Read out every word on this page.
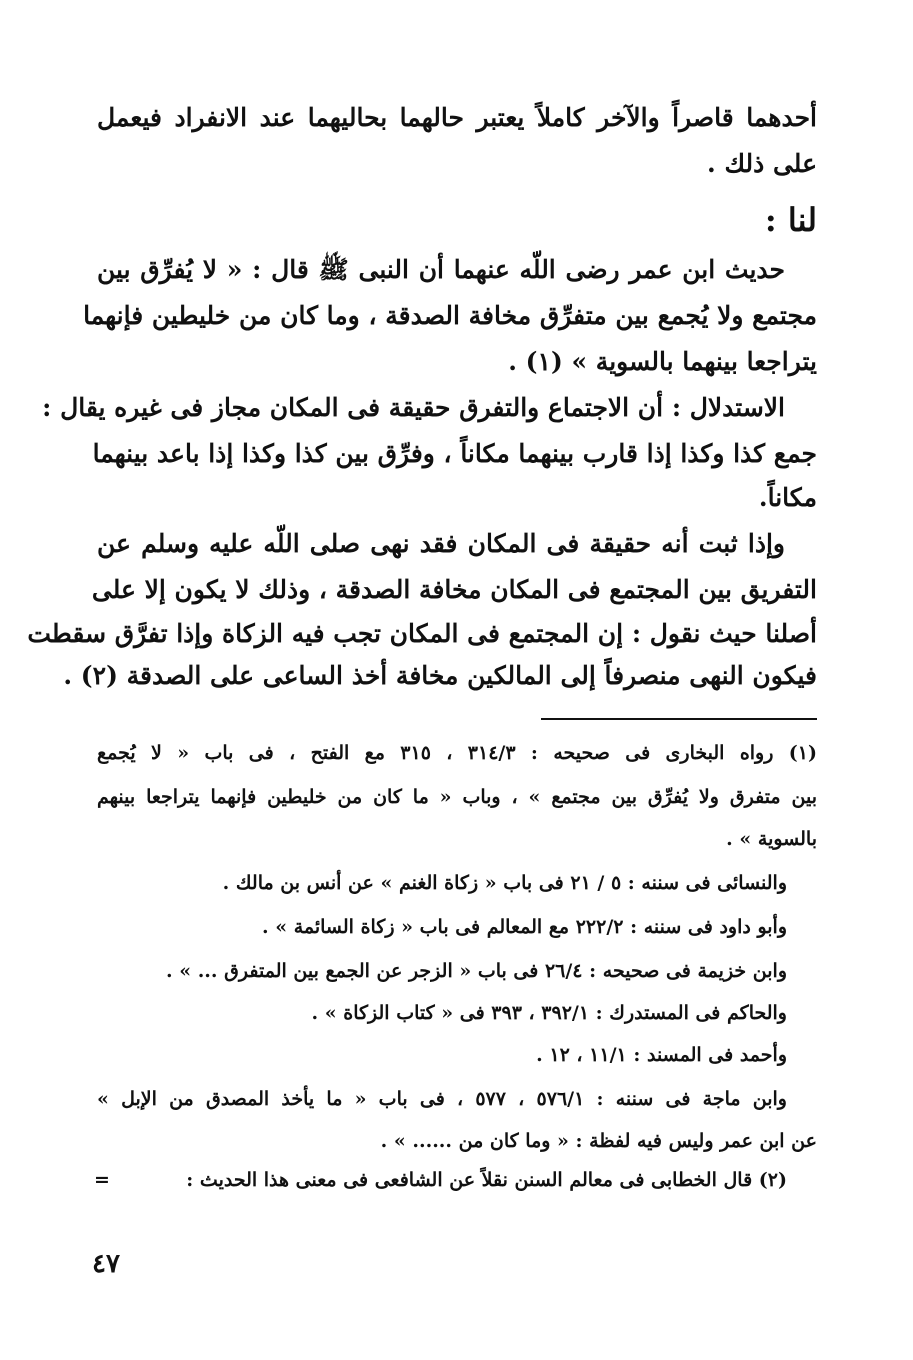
أحدهما قاصراً والآخر كاملاً يعتبر حالهما بحاليهما عند الانفراد فيعمل
على ذلك .
لنا :
حديث ابن عمر رضى اللّه عنهما أن النبى ﷺ قال : « لا يُفرِّق بين
مجتمع ولا يُجمع بين متفرِّق مخافة الصدقة ، وما كان من خليطين فإنهما
يتراجعا بينهما بالسوية » (١) .
الاستدلال : أن الاجتماع والتفرق حقيقة فى المكان مجاز فى غيره يقال :
جمع كذا وكذا إذا قارب بينهما مكاناً ، وفرِّق بين كذا وكذا إذا باعد بينهما
مكاناً.
وإذا ثبت أنه حقيقة فى المكان فقد نهى صلى اللّه عليه وسلم عن
التفريق بين المجتمع فى المكان مخافة الصدقة ، وذلك لا يكون إلا على
أصلنا حيث نقول : إن المجتمع فى المكان تجب فيه الزكاة وإذا تفرَّق سقطت
فيكون النهى منصرفاً إلى المالكين مخافة أخذ الساعى على الصدقة (٢) .
(١) رواه البخارى فى صحيحه : ٣١٤/٣ ، ٣١٥ مع الفتح ، فى باب « لا يُجمع
بين متفرق ولا يُفرِّق بين مجتمع » ، وباب « ما كان من خليطين فإنهما يتراجعا بينهم
بالسوية » .
والنسائى فى سننه : ٥ / ٢١ فى باب « زكاة الغنم » عن أنس بن مالك .
وأبو داود فى سننه : ٢٢٢/٢ مع المعالم فى باب « زكاة السائمة » .
وابن خزيمة فى صحيحه : ٢٦/٤ فى باب « الزجر عن الجمع بين المتفرق ... » .
والحاكم فى المستدرك : ٣٩٢/١ ، ٣٩٣ فى « كتاب الزكاة » .
وأحمد فى المسند : ١١/١ ، ١٢ .
وابن ماجة فى سننه : ٥٧٦/١ ، ٥٧٧ ، فى باب « ما يأخذ المصدق من الإبل »
عن ابن عمر وليس فيه لفظة : « وما كان من ...... » .
(٢) قال الخطابى فى معالم السنن نقلاً عن الشافعى فى معنى هذا الحديث :
=
٤٧
